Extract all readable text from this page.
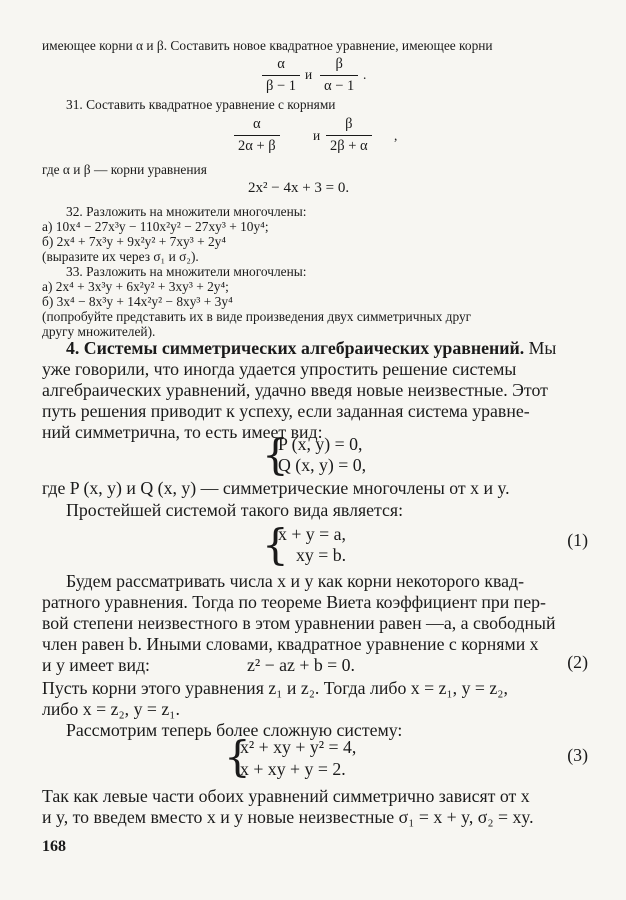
имеющее корни α и β. Составить новое квадратное уравнение, имеющее корни
$\frac{\alpha}{\beta - 1}$ и $\frac{\beta}{\alpha - 1}$ .
31. Составить квадратное уравнение с корнями
$\frac{\alpha}{2\alpha + \beta}$ и $\frac{\beta}{2\beta + \alpha}$ ,
где α и β — корни уравнения
2x² − 4x + 3 = 0.
32. Разложить на множители многочлены:
а) 10x⁴ − 27x³y − 110x²y² − 27xy³ + 10y⁴;
б) 2x⁴ + 7x³y + 9x²y² + 7xy³ + 2y⁴
(выразите их через σ₁ и σ₂).
33. Разложить на множители многочлены:
а) 2x⁴ + 3x³y + 6x²y² + 3xy³ + 2y⁴;
б) 3x⁴ − 8x³y + 14x²y² − 8xy³ + 3y⁴
(попробуйте представить их в виде произведения двух симметричных друг
другу множителей).
4. Системы симметрических алгебраических уравнений. Мы
уже говорили, что иногда удается упростить решение системы
алгебраических уравнений, удачно введя новые неизвестные. Этот
путь решения приводит к успеху, если заданная система уравне-
ний симметрична, то есть имеет вид:
{
P (x, y) = 0,
Q (x, y) = 0,
где P (x, y) и Q (x, y) — симметрические многочлены от x и y.
Простейшей системой такого вида является:
{
x + y = a,
xy = b.
(1)
Будем рассматривать числа x и y как корни некоторого квад-
ратного уравнения. Тогда по теореме Виета коэффициент при пер-
вой степени неизвестного в этом уравнении равен —a, а свободный
член равен b. Иными словами, квадратное уравнение с корнями x
и y имеет вид:	z² − az + b = 0.	(2)
Пусть корни этого уравнения z₁ и z₂. Тогда либо x = z₁, y = z₂,
либо x = z₂, y = z₁.
Рассмотрим теперь более сложную систему:
{
x² + xy + y² = 4,
x + xy + y = 2.
(3)
Так как левые части обоих уравнений симметрично зависят от x
и y, то введем вместо x и y новые неизвестные σ₁ = x + y, σ₂ = xy.
168
